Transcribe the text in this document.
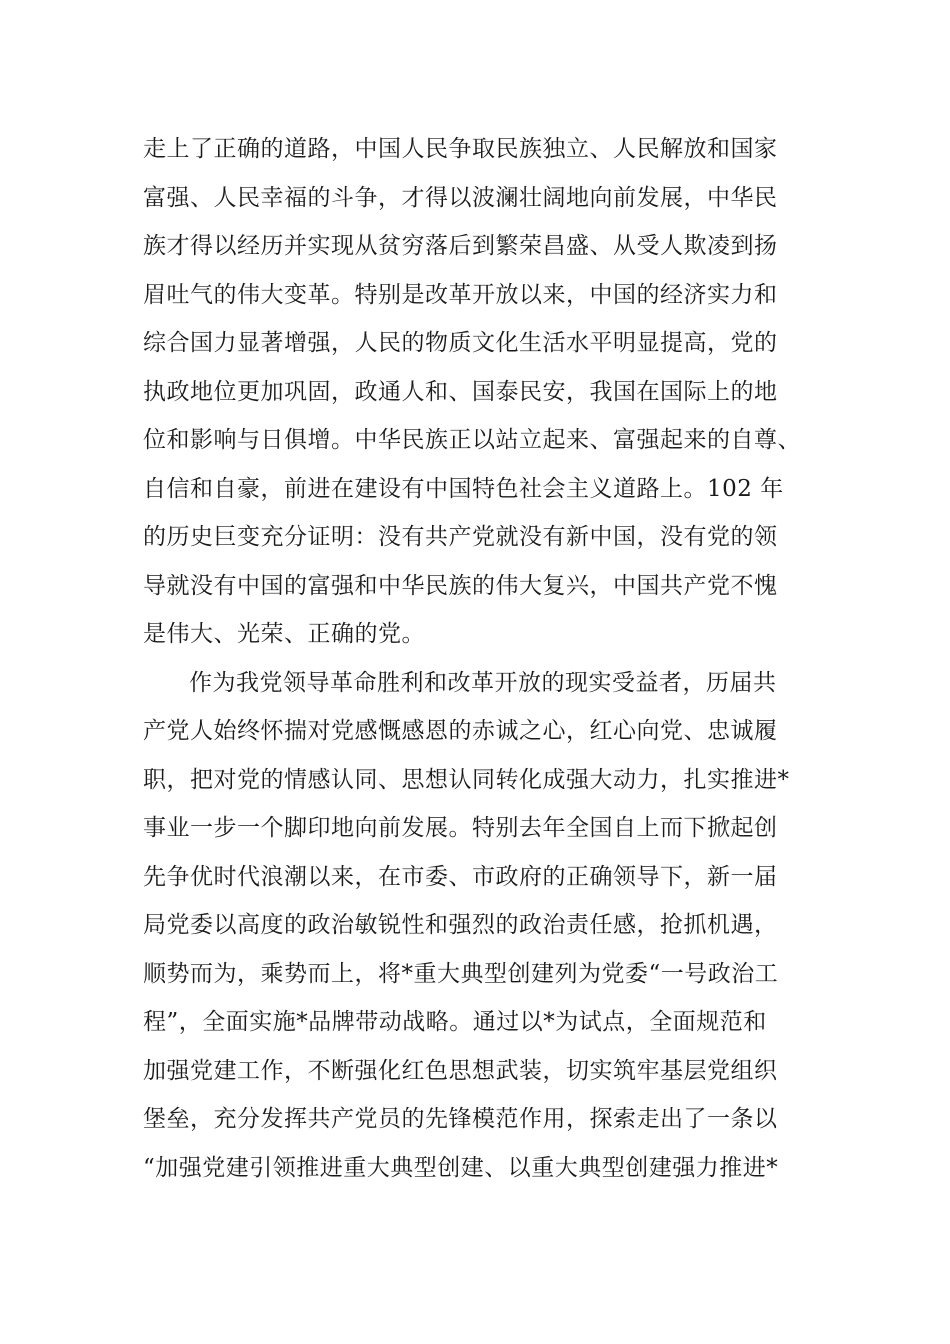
走上了正确的道路，中国人民争取民族独立、人民解放和国家
富强、人民幸福的斗争，才得以波澜壮阔地向前发展，中华民
族才得以经历并实现从贫穷落后到繁荣昌盛、从受人欺凌到扬
眉吐气的伟大变革。特别是改革开放以来，中国的经济实力和
综合国力显著增强，人民的物质文化生活水平明显提高，党的
执政地位更加巩固，政通人和、国泰民安，我国在国际上的地
位和影响与日俱增。中华民族正以站立起来、富强起来的自尊、
自信和自豪，前进在建设有中国特色社会主义道路上。102 年
的历史巨变充分证明：没有共产党就没有新中国，没有党的领
导就没有中国的富强和中华民族的伟大复兴，中国共产党不愧
是伟大、光荣、正确的党。
作为我党领导革命胜利和改革开放的现实受益者，历届共
产党人始终怀揣对党感慨感恩的赤诚之心，红心向党、忠诚履
职，把对党的情感认同、思想认同转化成强大动力，扎实推进*
事业一步一个脚印地向前发展。特别去年全国自上而下掀起创
先争优时代浪潮以来，在市委、市政府的正确领导下，新一届
局党委以高度的政治敏锐性和强烈的政治责任感，抢抓机遇，
顺势而为，乘势而上，将*重大典型创建列为党委“一号政治工
程”，全面实施*品牌带动战略。通过以*为试点，全面规范和
加强党建工作，不断强化红色思想武装，切实筑牢基层党组织
堡垒，充分发挥共产党员的先锋模范作用，探索走出了一条以
“加强党建引领推进重大典型创建、以重大典型创建强力推进*
